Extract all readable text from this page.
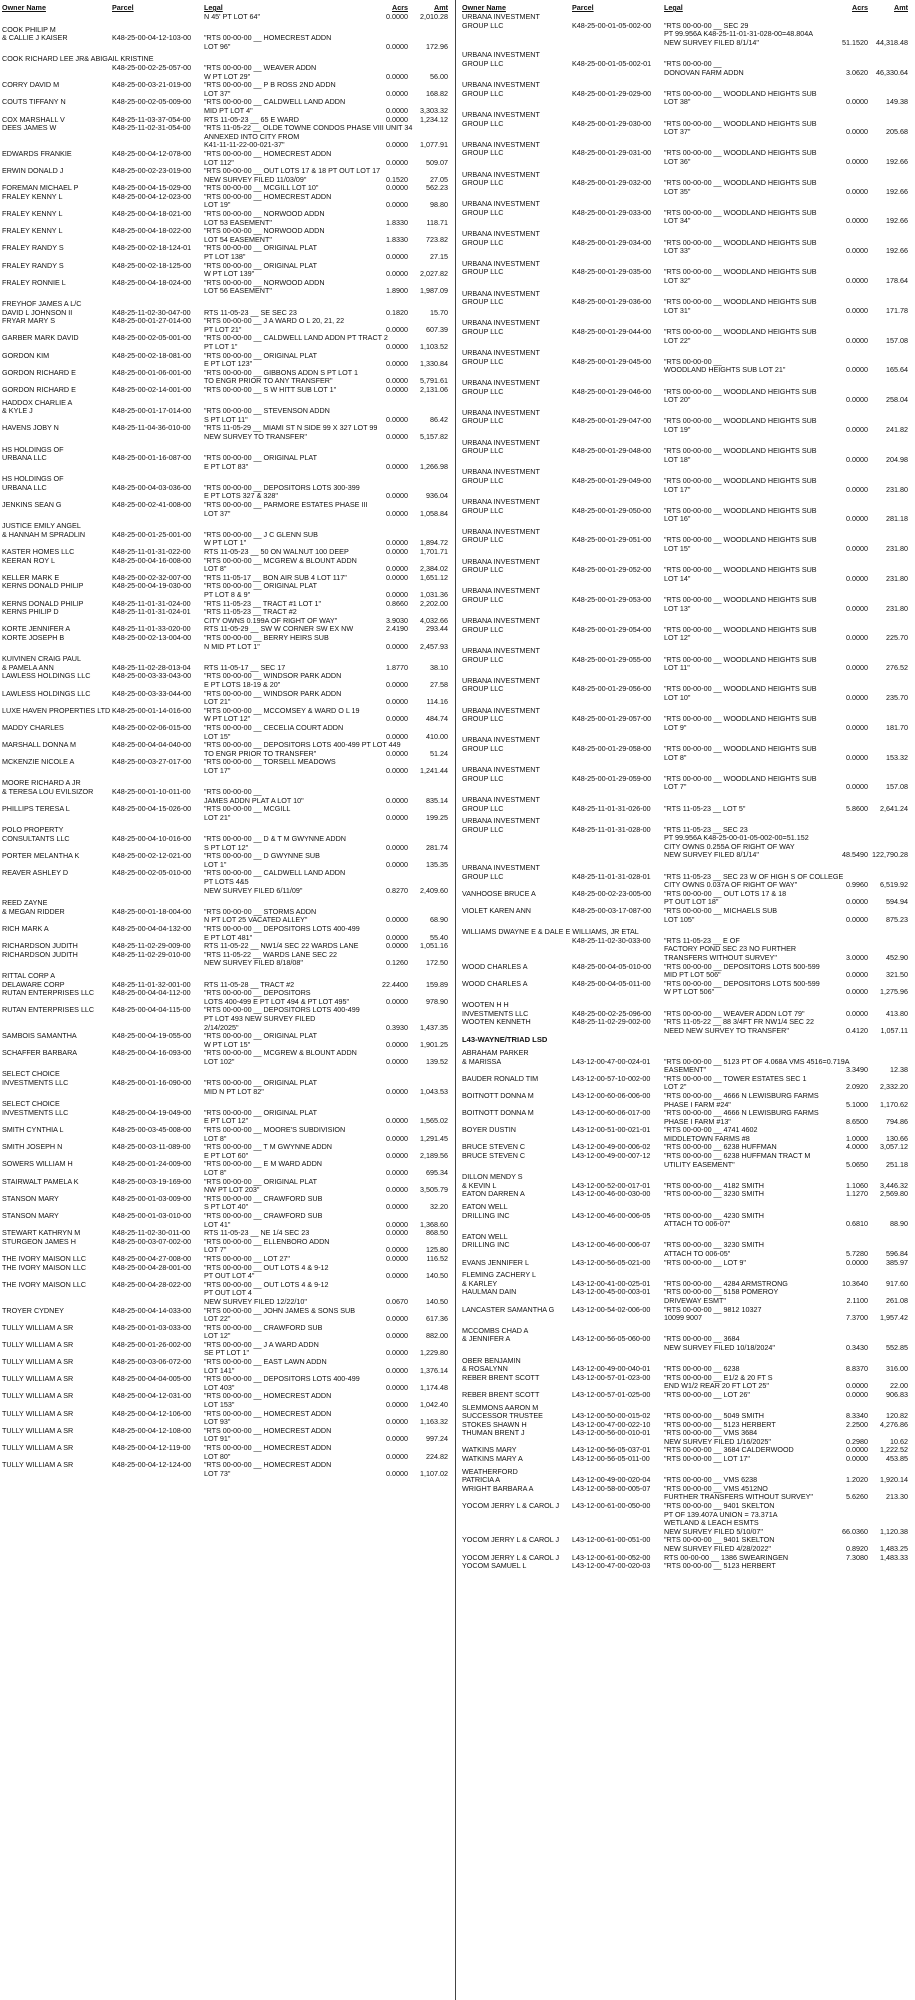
Owner Name	Parcel	Legal	Acrs	Amt
N 45' PT LOT 64"	0.0000	2,010.28
COOK PHILIP M
& CALLIE J KAISER	K48-25-00-04-12-103-00	"RTS 00-00-00 __ HOMECREST ADDN
LOT 96"	0.0000	172.96
COOK RICHARD LEE JR& ABIGAIL KRISTINE
K48-25-00-02-25-057-00	"RTS 00-00-00 __ WEAVER ADDN
W PT LOT 29"	0.0000	56.00
CORRY DAVID M	K48-25-00-03-21-019-00	"RTS 00-00-00 __ P B ROSS 2ND ADDN
LOT 37"	0.0000	168.82
COUTS TIFFANY N	K48-25-00-02-05-009-00	"RTS 00-00-00 __ CALDWELL LAND ADDN
MID PT LOT 4"	0.0000	3,303.32
COX MARSHALL V	K48-25-11-03-37-054-00	RTS 11-05-23 __ 65 E WARD	0.0000	1,234.12
DEES JAMES W	K48-25-11-02-31-054-00	"RTS 11-05-22 __ OLDE TOWNE CONDOS PHASE VIII UNIT 34
ANNEXED INTO CITY FROM
K41-11-11-22-00-021-37"	0.0000	1,077.91
EDWARDS FRANKIE	K48-25-00-04-12-078-00	"RTS 00-00-00 __ HOMECREST ADDN
LOT 112"	0.0000	509.07
ERWIN DONALD J	K48-25-00-02-23-019-00	"RTS 00-00-00 __ OUT LOTS 17 & 18 PT OUT LOT 17
NEW SURVEY FILED 11/03/09"	0.1520	27.05
FOREMAN MICHAEL P	K48-25-00-04-15-029-00	"RTS 00-00-00 __ MCGILL LOT 10"	0.0000	562.23
FRALEY KENNY L	K48-25-00-04-12-023-00	"RTS 00-00-00 __ HOMECREST ADDN
LOT 19"	0.0000	98.80
FRALEY KENNY L	K48-25-00-04-18-021-00	"RTS 00-00-00 __ NORWOOD ADDN
LOT 53 EASEMENT"	1.8330	118.71
FRALEY KENNY L	K48-25-00-04-18-022-00	"RTS 00-00-00 __ NORWOOD ADDN
LOT 54 EASEMENT"	1.8330	723.82
FRALEY RANDY S	K48-25-00-02-18-124-01	"RTS 00-00-00 __ ORIGINAL PLAT
PT LOT 138"	0.0000	27.15
FRALEY RANDY S	K48-25-00-02-18-125-00	"RTS 00-00-00 __ ORIGINAL PLAT
W PT LOT 139"	0.0000	2,027.82
FRALEY RONNIE L	K48-25-00-04-18-024-00	"RTS 00-00-00 __ NORWOOD ADDN
LOT 56 EASEMENT"	1.8900	1,987.09
FREYHOF JAMES A L/C
DAVID L JOHNSON II	K48-25-11-02-30-047-00	RTS 11-05-23 __ SE SEC 23	0.1820	15.70
FRYAR MARY S	K48-25-00-01-27-014-00	"RTS 00-00-00 __ J A WARD O L 20, 21, 22
PT LOT 21"	0.0000	607.39
GARBER MARK DAVID	K48-25-00-02-05-001-00	"RTS 00-00-00 __ CALDWELL LAND ADDN PT TRACT 2
PT LOT 1"	0.0000	1,103.52
GORDON KIM	K48-25-00-02-18-081-00	"RTS 00-00-00 __ ORIGINAL PLAT
E PT LOT 123"	0.0000	1,330.84
GORDON RICHARD E	K48-25-00-01-06-001-00	"RTS 00-00-00 __ GIBBONS ADDN S PT LOT 1
TO ENGR PRIOR TO ANY TRANSFER"	0.0000	5,791.61
GORDON RICHARD E	K48-25-00-02-14-001-00	"RTS 00-00-00 __ S W HITT SUB LOT 1"	0.0000	2,131.06
HADDOX CHARLIE A
& KYLE J	K48-25-00-01-17-014-00	"RTS 00-00-00 __ STEVENSON ADDN
S PT LOT 11"	0.0000	86.42
HAVENS JOBY N	K48-25-11-04-36-010-00	"RTS 11-05-29 __ MIAMI ST N SIDE 99 X 327 LOT 99
NEW SURVEY TO TRANSFER"	0.0000	5,157.82
HS HOLDINGS OF
URBANA LLC	K48-25-00-01-16-087-00	"RTS 00-00-00 __ ORIGINAL PLAT
E PT LOT 83"	0.0000	1,266.98
HS HOLDINGS OF
URBANA LLC	K48-25-00-04-03-036-00	"RTS 00-00-00 __ DEPOSITORS LOTS 300-399
E PT LOTS 327 & 328"	0.0000	936.04
JENKINS SEAN G	K48-25-00-02-41-008-00	"RTS 00-00-00 __ PARMORE ESTATES PHASE III
LOT 37"	0.0000	1,058.84
JUSTICE EMILY ANGEL
& HANNAH M SPRADLIN	K48-25-00-01-25-001-00	"RTS 00-00-00 __ J C GLENN SUB
W PT LOT 1"	0.0000	1,894.72
KASTER HOMES LLC	K48-25-11-01-31-022-00	RTS 11-05-23 __ 50 ON WALNUT 100 DEEP	0.0000	1,701.71
KEERAN ROY L	K48-25-00-04-16-008-00	"RTS 00-00-00 __ MCGREW & BLOUNT ADDN
LOT 8"	0.0000	2,384.02
KELLER MARK E	K48-25-00-02-32-007-00	"RTS 11-05-17 __ BON AIR SUB 4 LOT 117"	0.0000	1,651.12
KERNS DONALD PHILIP	K48-25-00-04-19-030-00	"RTS 00-00-00 __ ORIGINAL PLAT
PT LOT 8 & 9"	0.0000	1,031.36
KERNS DONALD PHILIP	K48-25-11-01-31-024-00	"RTS 11-05-23 __ TRACT #1 LOT 1"	0.8660	2,202.00
KERNS PHILIP D	K48-25-11-01-31-024-01	"RTS 11-05-23 __ TRACT #2
CITY OWNS 0.199A OF RIGHT OF WAY"	3.9030	4,032.66
KORTE JENNIFER A	K48-25-11-01-33-020-00	RTS 11-05-29 __ SW W CORNER SW EX NW	2.4190	293.44
KORTE JOSEPH B	K48-25-00-02-13-004-00	"RTS 00-00-00 __ BERRY HEIRS SUB
N MID PT LOT 1"	0.0000	2,457.93
KUIVINEN CRAIG PAUL
& PAMELA ANN	K48-25-11-02-28-013-04	RTS 11-05-17 __ SEC 17	1.8770	38.10
LAWLESS HOLDINGS LLC	K48-25-00-03-33-043-00	"RTS 00-00-00 __ WINDSOR PARK ADDN
E PT LOTS 18-19 & 20"	0.0000	27.58
LAWLESS HOLDINGS LLC	K48-25-00-03-33-044-00	"RTS 00-00-00 __ WINDSOR PARK ADDN
LOT 21"	0.0000	114.16
LUXE HAVEN PROPERTIES LTD K48-25-00-01-14-016-00	"RTS 00-00-00 __ MCCOMSEY & WARD O L 19
W PT LOT 12"	0.0000	484.74
MADDY CHARLES	K48-25-00-02-06-015-00	"RTS 00-00-00 __ CECELIA COURT ADDN
LOT 15"	0.0000	410.00
MARSHALL DONNA M	K48-25-00-04-04-040-00	"RTS 00-00-00 __ DEPOSITORS LOTS 400-499 PT LOT 449
TO ENGR PRIOR TO TRANSFER"	0.0000	51.24
MCKENZIE NICOLE A	K48-25-00-03-27-017-00	"RTS 00-00-00 __ TORSELL MEADOWS
LOT 17"	0.0000	1,241.44
MOORE RICHARD A JR
& TERESA LOU EVILSIZOR	K48-25-00-01-10-011-00	"RTS 00-00-00 __
JAMES ADDN PLAT A LOT 10"	0.0000	835.14
PHILLIPS TERESA L	K48-25-00-04-15-026-00	"RTS 00-00-00 __ MCGILL
LOT 21"	0.0000	199.25
POLO PROPERTY
CONSULTANTS LLC	K48-25-00-04-10-016-00	"RTS 00-00-00 __ D & T M GWYNNE ADDN
S PT LOT 12"	0.0000	281.74
PORTER MELANTHA K	K48-25-00-02-12-021-00	"RTS 00-00-00 __ D GWYNNE SUB
LOT 1"	0.0000	135.35
REAVER ASHLEY D	K48-25-00-02-05-010-00	"RTS 00-00-00 __ CALDWELL LAND ADDN
PT LOTS 4&5
NEW SURVEY FILED 6/11/09"	0.8270	2,409.60
REED ZAYNE
& MEGAN RIDDER	K48-25-00-01-18-004-00	"RTS 00-00-00 __ STORMS ADDN
N PT LOT 25 VACATED ALLEY"	0.0000	68.90
RICH MARK A	K48-25-00-04-04-132-00	"RTS 00-00-00 __ DEPOSITORS LOTS 400-499
E PT LOT 481"	0.0000	55.40
RICHARDSON JUDITH	K48-25-11-02-29-009-00	RTS 11-05-22 __ NW1/4 SEC 22 WARDS LANE	0.0000	1,051.16
RICHARDSON JUDITH	K48-25-11-02-29-010-00	"RTS 11-05-22 __ WARDS LANE SEC 22
NEW SURVEY FILED 8/18/08"	0.1260	172.50
RITTAL CORP A
DELAWARE CORP	K48-25-11-01-32-001-00	RTS 11-05-28 __ TRACT #2	22.4400	159.89
RUTAN ENTERPRISES LLC	K48-25-00-04-04-112-00	"RTS 00-00-00 __ DEPOSITORS
LOTS 400-499 E PT LOT 494 & PT LOT 495"	0.0000	978.90
RUTAN ENTERPRISES LLC	K48-25-00-04-04-115-00	"RTS 00-00-00 __ DEPOSITORS LOTS 400-499
PT LOT 493 NEW SURVEY FILED
2/14/2025"	0.3930	1,437.35
SAMBOIS SAMANTHA	K48-25-00-04-19-055-00	"RTS 00-00-00 __ ORIGINAL PLAT
W PT LOT 15"	0.0000	1,901.25
SCHAFFER BARBARA	K48-25-00-04-16-093-00	"RTS 00-00-00 __ MCGREW & BLOUNT ADDN
LOT 102"	0.0000	139.52
SELECT CHOICE
INVESTMENTS LLC	K48-25-00-01-16-090-00	"RTS 00-00-00 __ ORIGINAL PLAT
MID N PT LOT 82"	0.0000	1,043.53
SELECT CHOICE
INVESTMENTS LLC	K48-25-00-04-19-049-00	"RTS 00-00-00 __ ORIGINAL PLAT
E PT LOT 12"	0.0000	1,565.02
SMITH CYNTHIA L	K48-25-00-03-45-008-00	"RTS 00-00-00 __ MOORE'S SUBDIVISION
LOT 8"	0.0000	1,291.45
SMITH JOSEPH N	K48-25-00-03-11-089-00	"RTS 00-00-00 __ T M GWYNNE ADDN
E PT LOT 60"	0.0000	2,189.56
SOWERS WILLIAM H	K48-25-00-01-24-009-00	"RTS 00-00-00 __ E M WARD ADDN
LOT 8"	0.0000	695.34
STAIRWALT PAMELA K	K48-25-00-03-19-169-00	"RTS 00-00-00 __ ORIGINAL PLAT
NW PT LOT 203"	0.0000	3,505.79
STANSON MARY	K48-25-00-01-03-009-00	"RTS 00-00-00 __ CRAWFORD SUB
S PT LOT 40"	0.0000	32.20
STANSON MARY	K48-25-00-01-03-010-00	"RTS 00-00-00 __ CRAWFORD SUB
LOT 41"	0.0000	1,368.60
STEWART KATHRYN M	K48-25-11-02-30-011-00	RTS 11-05-23 __ NE 1/4 SEC 23	0.0000	868.50
STURGEON JAMES H	K48-25-00-03-07-002-00	"RTS 00-00-00 __ ELLENBORO ADDN
LOT 7"	0.0000	125.80
THE IVORY MAISON LLC	K48-25-00-04-27-008-00	"RTS 00-00-00 __ LOT 27"	0.0000	116.52
THE IVORY MAISON LLC	K48-25-00-04-28-001-00	"RTS 00-00-00 __ OUT LOTS 4 & 9-12
PT OUT LOT 4"	0.0000	140.50
THE IVORY MAISON LLC	K48-25-00-04-28-022-00	"RTS 00-00-00 __ OUT LOTS 4 & 9-12
PT OUT LOT 4
NEW SURVEY FILED 12/22/10"	0.0670	140.50
TROYER CYDNEY	K48-25-00-04-14-033-00	"RTS 00-00-00 __ JOHN JAMES & SONS SUB
LOT 22"	0.0000	617.36
TULLY WILLIAM A SR	K48-25-00-01-03-033-00	"RTS 00-00-00 __ CRAWFORD SUB
LOT 12"	0.0000	882.00
TULLY WILLIAM A SR	K48-25-00-01-26-002-00	"RTS 00-00-00 __ J A WARD ADDN
SE PT LOT 1"	0.0000	1,229.80
TULLY WILLIAM A SR	K48-25-00-03-06-072-00	"RTS 00-00-00 __ EAST LAWN ADDN
LOT 141"	0.0000	1,376.14
TULLY WILLIAM A SR	K48-25-00-04-04-005-00	"RTS 00-00-00 __ DEPOSITORS LOTS 400-499
LOT 403"	0.0000	1,174.48
TULLY WILLIAM A SR	K48-25-00-04-12-031-00	"RTS 00-00-00 __ HOMECREST ADDN
LOT 153"	0.0000	1,042.40
TULLY WILLIAM A SR	K48-25-00-04-12-106-00	"RTS 00-00-00 __ HOMECREST ADDN
LOT 93"	0.0000	1,163.32
TULLY WILLIAM A SR	K48-25-00-04-12-108-00	"RTS 00-00-00 __ HOMECREST ADDN
LOT 91"	0.0000	997.24
TULLY WILLIAM A SR	K48-25-00-04-12-119-00	"RTS 00-00-00 __ HOMECREST ADDN
LOT 80"	0.0000	224.82
TULLY WILLIAM A SR	K48-25-00-04-12-124-00	"RTS 00-00-00 __ HOMECREST ADDN
LOT 73"	0.0000	1,107.02
Owner Name	Parcel	Legal	Acrs	Amt
URBANA INVESTMENT
GROUP LLC	K48-25-00-01-05-002-00	"RTS 00-00-00 __ SEC 29
PT 99.956A K48-25-11-01-31-028-00=48.804A
NEW SURVEY FILED 8/1/14"	51.1520	44,318.48
URBANA INVESTMENT
GROUP LLC	K48-25-00-01-05-002-01	"RTS 00-00-00 __
DONOVAN FARM ADDN	3.0620	46,330.64
URBANA INVESTMENT
GROUP LLC	K48-25-00-01-29-029-00	"RTS 00-00-00 __ WOODLAND HEIGHTS SUB
LOT 38"	0.0000	149.38
URBANA INVESTMENT
GROUP LLC	K48-25-00-01-29-030-00	"RTS 00-00-00 __ WOODLAND HEIGHTS SUB
LOT 37"	0.0000	205.68
URBANA INVESTMENT
GROUP LLC	K48-25-00-01-29-031-00	"RTS 00-00-00 __ WOODLAND HEIGHTS SUB
LOT 36"	0.0000	192.66
URBANA INVESTMENT
GROUP LLC	K48-25-00-01-29-032-00	"RTS 00-00-00 __ WOODLAND HEIGHTS SUB
LOT 35"	0.0000	192.66
URBANA INVESTMENT
GROUP LLC	K48-25-00-01-29-033-00	"RTS 00-00-00 __ WOODLAND HEIGHTS SUB
LOT 34"	0.0000	192.66
URBANA INVESTMENT
GROUP LLC	K48-25-00-01-29-034-00	"RTS 00-00-00 __ WOODLAND HEIGHTS SUB
LOT 33"	0.0000	192.66
URBANA INVESTMENT
GROUP LLC	K48-25-00-01-29-035-00	"RTS 00-00-00 __ WOODLAND HEIGHTS SUB
LOT 32"	0.0000	178.64
URBANA INVESTMENT
GROUP LLC	K48-25-00-01-29-036-00	"RTS 00-00-00 __ WOODLAND HEIGHTS SUB
LOT 31"	0.0000	171.78
URBANA INVESTMENT
GROUP LLC	K48-25-00-01-29-044-00	"RTS 00-00-00 __ WOODLAND HEIGHTS SUB
LOT 22"	0.0000	157.08
URBANA INVESTMENT
GROUP LLC	K48-25-00-01-29-045-00	"RTS 00-00-00 __
WOODLAND HEIGHTS SUB LOT 21"	0.0000	165.64
URBANA INVESTMENT
GROUP LLC	K48-25-00-01-29-046-00	"RTS 00-00-00 __ WOODLAND HEIGHTS SUB
LOT 20"	0.0000	258.04
URBANA INVESTMENT
GROUP LLC	K48-25-00-01-29-047-00	"RTS 00-00-00 __ WOODLAND HEIGHTS SUB
LOT 19"	0.0000	241.82
URBANA INVESTMENT
GROUP LLC	K48-25-00-01-29-048-00	"RTS 00-00-00 __ WOODLAND HEIGHTS SUB
LOT 18"	0.0000	204.98
URBANA INVESTMENT
GROUP LLC	K48-25-00-01-29-049-00	"RTS 00-00-00 __ WOODLAND HEIGHTS SUB
LOT 17"	0.0000	231.80
URBANA INVESTMENT
GROUP LLC	K48-25-00-01-29-050-00	"RTS 00-00-00 __ WOODLAND HEIGHTS SUB
LOT 16"	0.0000	281.18
URBANA INVESTMENT
GROUP LLC	K48-25-00-01-29-051-00	"RTS 00-00-00 __ WOODLAND HEIGHTS SUB
LOT 15"	0.0000	231.80
URBANA INVESTMENT
GROUP LLC	K48-25-00-01-29-052-00	"RTS 00-00-00 __ WOODLAND HEIGHTS SUB
LOT 14"	0.0000	231.80
URBANA INVESTMENT
GROUP LLC	K48-25-00-01-29-053-00	"RTS 00-00-00 __ WOODLAND HEIGHTS SUB
LOT 13"	0.0000	231.80
URBANA INVESTMENT
GROUP LLC	K48-25-00-01-29-054-00	"RTS 00-00-00 __ WOODLAND HEIGHTS SUB
LOT 12"	0.0000	225.70
URBANA INVESTMENT
GROUP LLC	K48-25-00-01-29-055-00	"RTS 00-00-00 __ WOODLAND HEIGHTS SUB
LOT 11"	0.0000	276.52
URBANA INVESTMENT
GROUP LLC	K48-25-00-01-29-056-00	"RTS 00-00-00 __ WOODLAND HEIGHTS SUB
LOT 10"	0.0000	235.70
URBANA INVESTMENT
GROUP LLC	K48-25-00-01-29-057-00	"RTS 00-00-00 __ WOODLAND HEIGHTS SUB
LOT 9"	0.0000	181.70
URBANA INVESTMENT
GROUP LLC	K48-25-00-01-29-058-00	"RTS 00-00-00 __ WOODLAND HEIGHTS SUB
LOT 8"	0.0000	153.32
URBANA INVESTMENT
GROUP LLC	K48-25-00-01-29-059-00	"RTS 00-00-00 __ WOODLAND HEIGHTS SUB
LOT 7"	0.0000	157.08
URBANA INVESTMENT
GROUP LLC	K48-25-11-01-31-026-00	"RTS 11-05-23 __ LOT 5"	5.8600	2,641.24
URBANA INVESTMENT
GROUP LLC	K48-25-11-01-31-028-00	"RTS 11-05-23 __ SEC 23
PT 99.956A K48-25-00-01-05-002-00=51.152
CITY OWNS 0.255A OF RIGHT OF WAY
NEW SURVEY FILED 8/1/14"	48.5490 122,790.28
URBANA INVESTMENT
GROUP LLC	K48-25-11-01-31-028-01	"RTS 11-05-23 __ SEC 23 W OF HIGH S OF COLLEGE
CITY OWNS 0.037A OF RIGHT OF WAY"	0.9960	6,519.92
VANHOOSE BRUCE A	K48-25-00-02-23-005-00	"RTS 00-00-00 __ OUT LOTS 17 & 18
PT OUT LOT 18"	0.0000	594.94
VIOLET KAREN ANN	K48-25-00-03-17-087-00	"RTS 00-00-00 __ MICHAELS SUB
LOT 105"	0.0000	875.23
WILLIAMS DWAYNE E & DALE E WILLIAMS, JR ETAL
K48-25-11-02-30-033-00	"RTS 11-05-23 __ E OF
FACTORY POND SEC 23 NO FURTHER
TRANSFERS WITHOUT SURVEY"	3.0000	452.90
WOOD CHARLES A	K48-25-00-04-05-010-00	"RTS 00-00-00 __ DEPOSITORS LOTS 500-599
MID PT LOT 506"	0.0000	321.50
WOOD CHARLES A	K48-25-00-04-05-011-00	"RTS 00-00-00 __ DEPOSITORS LOTS 500-599
W PT LOT 506"	0.0000	1,275.96
WOOTEN H H
INVESTMENTS LLC	K48-25-00-02-25-096-00	"RTS 00-00-00 __ WEAVER ADDN LOT 79"	0.0000	413.80
WOOTEN KENNETH	K48-25-11-02-29-002-00	"RTS 11-05-22 __ 88 3/4FT FR NW1/4 SEC 22
NEED NEW SURVEY TO TRANSFER"	0.4120	1,057.11
L43-WAYNE/TRIAD LSD
ABRAHAM PARKER
& MARISSA	L43-12-00-47-00-024-01	"RTS 00-00-00 __ 5123 PT OF 4.068A VMS 4516=0.719A
EASEMENT"	3.3490	12.38
BAUDER RONALD TIM	L43-12-00-57-10-002-00	"RTS 00-00-00 __ TOWER ESTATES SEC 1
LOT 2"	2.0920	2,332.20
BOITNOTT DONNA M	L43-12-00-60-06-006-00	"RTS 00-00-00 __ 4666 N LEWISBURG FARMS
PHASE I FARM #24"	5.1000	1,170.62
BOITNOTT DONNA M	L43-12-00-60-06-017-00	"RTS 00-00-00 __ 4666 N LEWISBURG FARMS
PHASE I FARM #13"	8.6500	794.86
BOYER DUSTIN	L43-12-00-51-00-021-01	"RTS 00-00-00 __ 4741 4602
MIDDLETOWN FARMS #8	1.0000	130.66
BRUCE STEVEN C	L43-12-00-49-00-006-02	"RTS 00-00-00 __ 6238 HUFFMAN	4.0000	3,057.12
BRUCE STEVEN C	L43-12-00-49-00-007-12	"RTS 00-00-00 __ 6238 HUFFMAN TRACT M
UTILITY EASEMENT"	5.0650	251.18
DILLON MENDY S
& KEVIN L	L43-12-00-52-00-017-01	"RTS 00-00-00 __ 4182 SMITH	1.1060	3,446.32
EATON DARREN A	L43-12-00-46-00-030-00	"RTS 00-00-00 __ 3230 SMITH	1.1270	2,569.80
EATON WELL
DRILLING INC	L43-12-00-46-00-006-05	"RTS 00-00-00 __ 4230 SMITH
ATTACH TO 006-07"	0.6810	88.90
EATON WELL
DRILLING INC	L43-12-00-46-00-006-07	"RTS 00-00-00 __ 3230 SMITH
ATTACH TO 006-05"	5.7280	596.84
EVANS JENNIFER L	L43-12-00-56-05-021-00	"RTS 00-00-00 __ LOT 9"	0.0000	385.97
FLEMING ZACHERY L
& KARLEY	L43-12-00-41-00-025-01	"RTS 00-00-00 __ 4284 ARMSTRONG	10.3640	917.60
HAULMAN DAIN	L43-12-00-45-00-003-01	"RTS 00-00-00 __ 5158 POMEROY
DRIVEWAY ESMT"	2.1100	261.08
LANCASTER SAMANTHA G	L43-12-00-54-02-006-00	"RTS 00-00-00 __ 9812 10327
10099 9007	7.3700	1,957.42
MCCOMBS CHAD A
& JENNIFER A	L43-12-00-56-05-060-00	"RTS 00-00-00 __ 3684
NEW SURVEY FILED 10/18/2024"	0.3430	552.85
OBER BENJAMIN
& ROSALYNN	L43-12-00-49-00-040-01	"RTS 00-00-00 __ 6238	8.8370	316.00
REBER BRENT SCOTT	L43-12-00-57-01-023-00	"RTS 00-00-00 __ E1/2 & 20 FT S
END W1/2 REAR 20 FT LOT 25"	0.0000	22.00
REBER BRENT SCOTT	L43-12-00-57-01-025-00	"RTS 00-00-00 __ LOT 26"	0.0000	906.83
SLEMMONS AARON M
SUCCESSOR TRUSTEE	L43-12-00-50-00-015-02	"RTS 00-00-00 __ 5049 SMITH	8.3340	120.82
STOKES SHAWN H	L43-12-00-47-00-022-10	"RTS 00-00-00 __ 5123 HERBERT	2.2500	4,276.86
THUMAN BRENT J	L43-12-00-56-00-010-01	"RTS 00-00-00 __ VMS 3684
NEW SURVEY FILED 1/16/2025"	0.2980	10.62
WATKINS MARY	L43-12-00-56-05-037-01	"RTS 00-00-00 __ 3684 CALDERWOOD	0.0000	1,222.52
WATKINS MARY A	L43-12-00-56-05-011-00	"RTS 00-00-00 __ LOT 17"	0.0000	453.85
WEATHERFORD
PATRICIA A	L43-12-00-49-00-020-04	"RTS 00-00-00 __ VMS 6238	1.2020	1,920.14
WRIGHT BARBARA A	L43-12-00-58-00-005-07	"RTS 00-00-00 __ VMS 4512NO
FURTHER TRANSFERS WITHOUT SURVEY"	5.6260	213.30
YOCOM JERRY L & CAROL J	L43-12-00-61-00-050-00	"RTS 00-00-00 __ 9401 SKELTON
PT OF 139.407A UNION = 73.371A
WETLAND & LEACH ESMTS
NEW SURVEY FILED 5/10/07"	66.0360	1,120.38
YOCOM JERRY L & CAROL J	L43-12-00-61-00-051-00	"RTS 00-00-00 __ 9401 SKELTON
NEW SURVEY FILED 4/28/2022"	0.8920	1,483.25
YOCOM JERRY L & CAROL J	L43-12-00-61-00-052-00	RTS 00-00-00 __ 1386 SWEARINGEN	7.3080	1,483.33
YOCOM SAMUEL L	L43-12-00-47-00-020-03	"RTS 00-00-00 __ 5123 HERBERT
